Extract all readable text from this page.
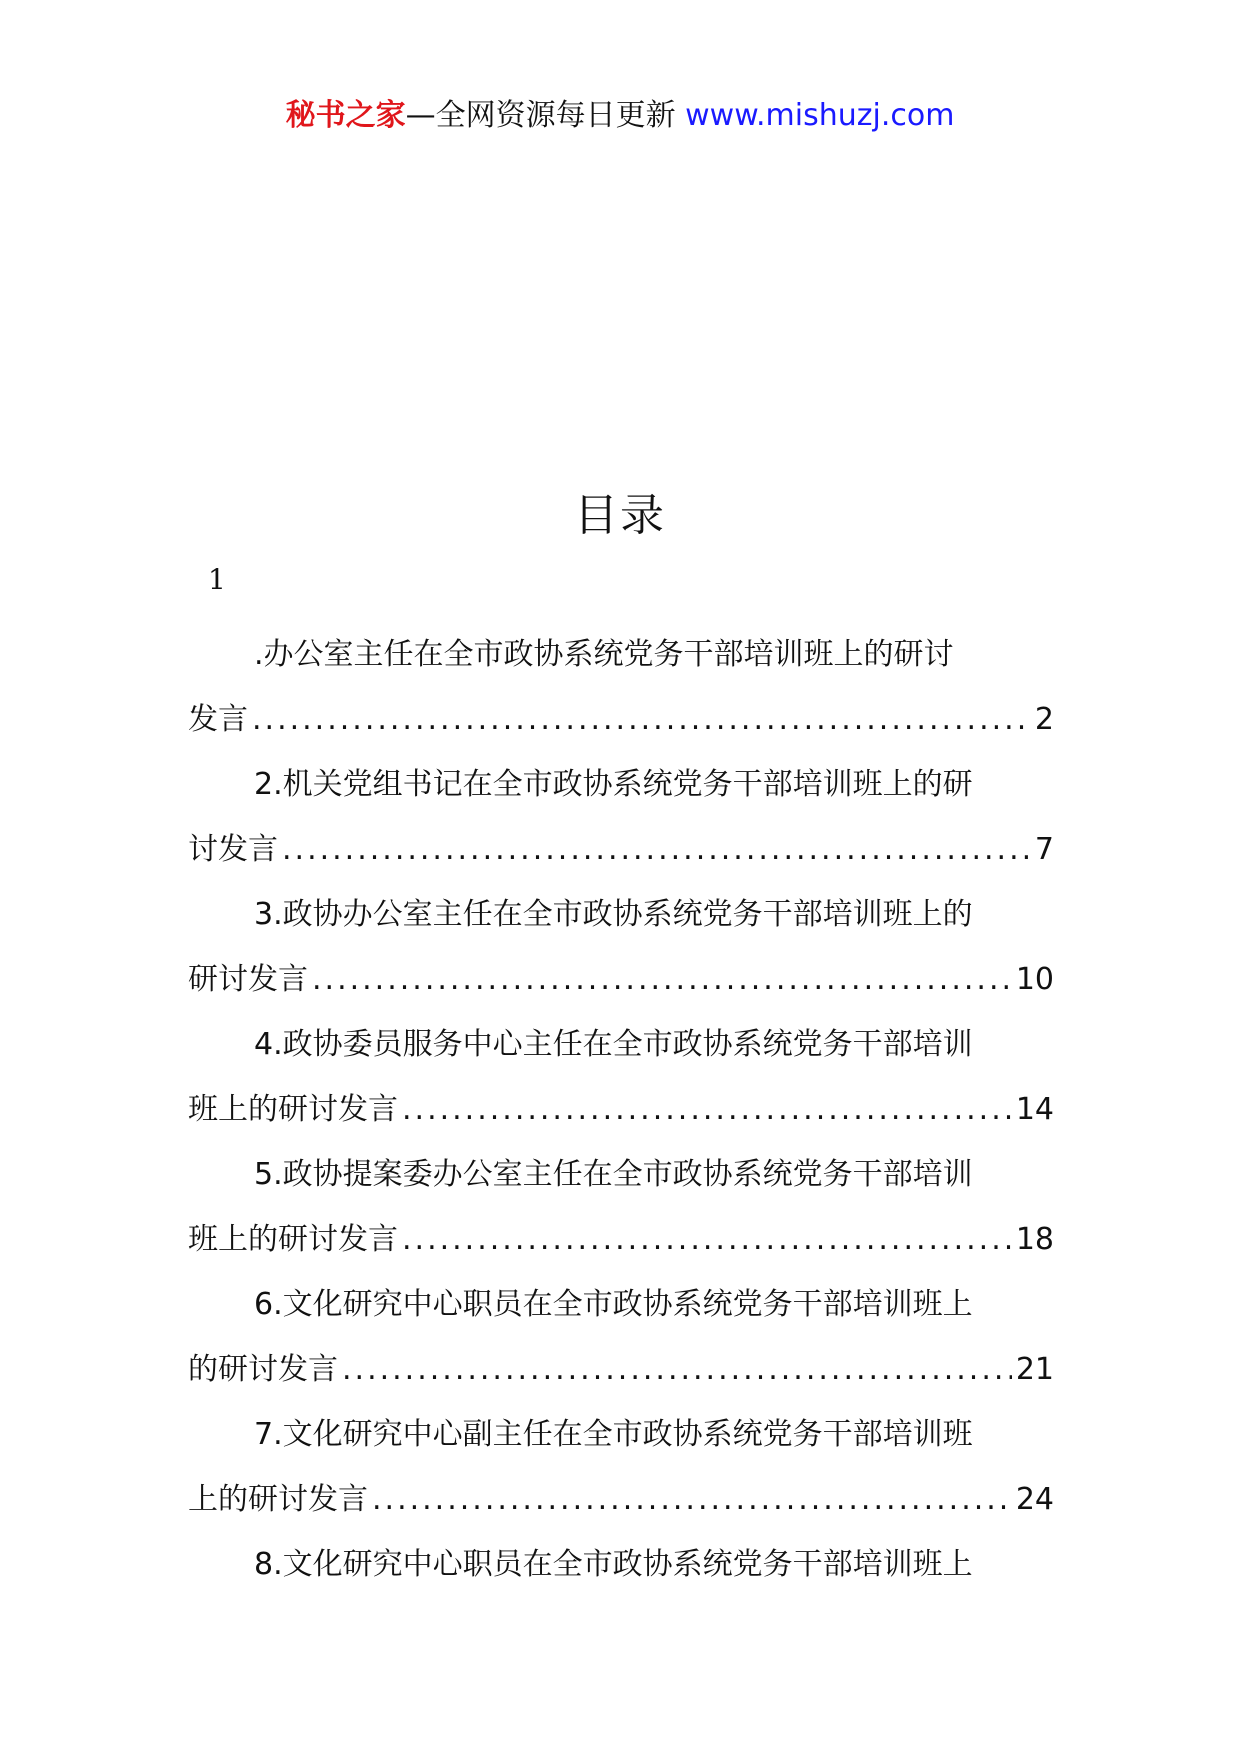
秘书之家—全网资源每日更新 www.mishuzj.com
目录
1
.办公室主任在全市政协系统党务干部培训班上的研讨
发言 .....	2
2.机关党组书记在全市政协系统党务干部培训班上的研
讨发言 .....	7
3.政协办公室主任在全市政协系统党务干部培训班上的
研讨发言 .....	10
4.政协委员服务中心主任在全市政协系统党务干部培训
班上的研讨发言 .....	14
5.政协提案委办公室主任在全市政协系统党务干部培训
班上的研讨发言 .....	18
6.文化研究中心职员在全市政协系统党务干部培训班上
的研讨发言 .....	21
7.文化研究中心副主任在全市政协系统党务干部培训班
上的研讨发言 .....	24
8.文化研究中心职员在全市政协系统党务干部培训班上
